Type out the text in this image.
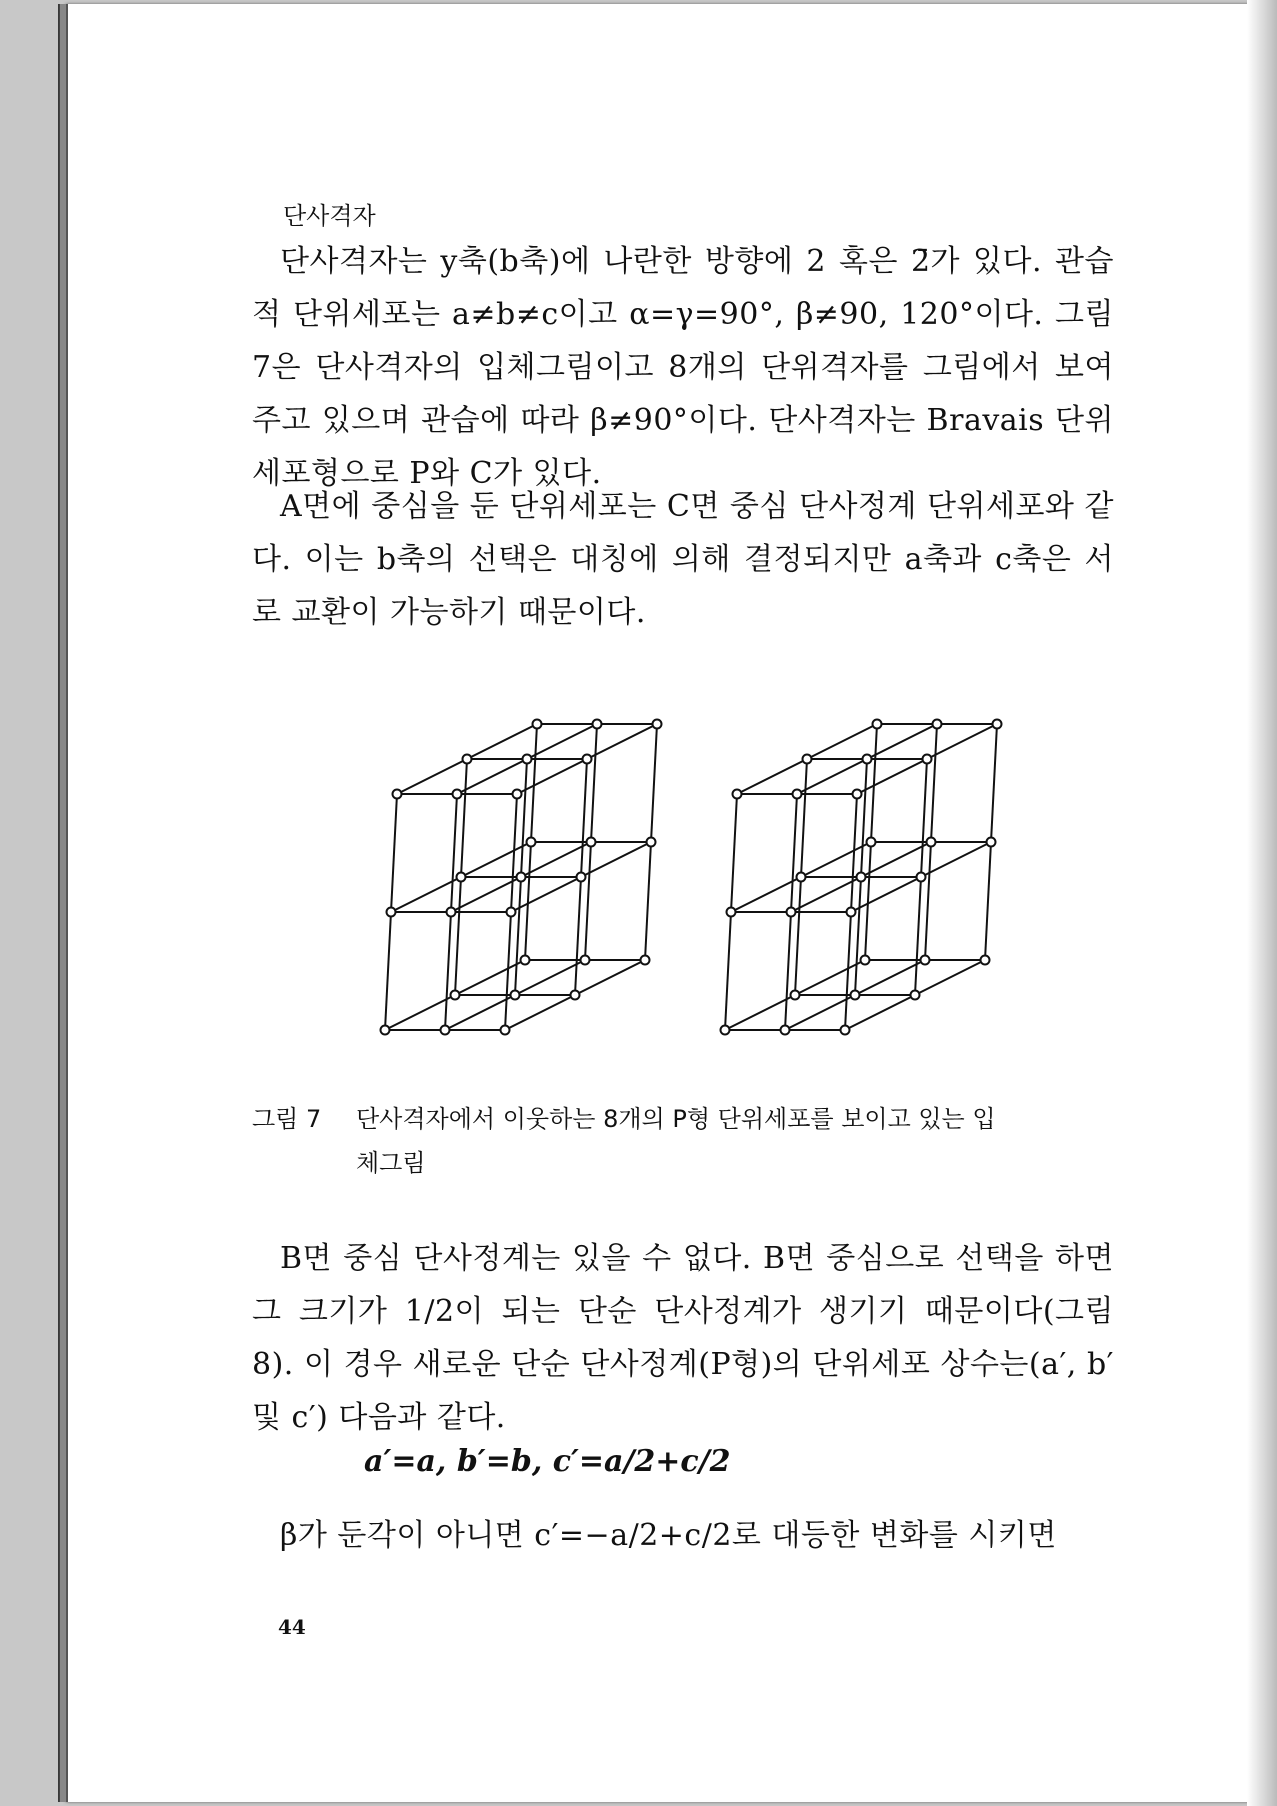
단사격자

단사격자는 y축(b축)에 나란한 방향에 2 혹은 2̄가 있다. 관습적 단위세포는 a≠b≠c이고 α=γ=90°, β≠90, 120°이다. 그림 7은 단사격자의 입체그림이고 8개의 단위격자를 그림에서 보여주고 있으며 관습에 따라 β≠90°이다. 단사격자는 Bravais 단위세포형으로 P와 C가 있다.

A면에 중심을 둔 단위세포는 C면 중심 단사정계 단위세포와 같다. 이는 b축의 선택은 대칭에 의해 결정되지만 a축과 c축은 서로 교환이 가능하기 때문이다.

그림 7 단사격자에서 이웃하는 8개의 P형 단위세포를 보이고 있는 입
체그림

B면 중심 단사정계는 있을 수 없다. B면 중심으로 선택을 하면 그 크기가 1/2이 되는 단순 단사정계가 생기기 때문이다(그림 8). 이 경우 새로운 단순 단사정계(P형)의 단위세포 상수는(a′, b′ 및 c′) 다음과 같다.

a′=a, b′=b, c′=a/2+c/2

β가 둔각이 아니면 c′=−a/2+c/2로 대등한 변화를 시키면

44
